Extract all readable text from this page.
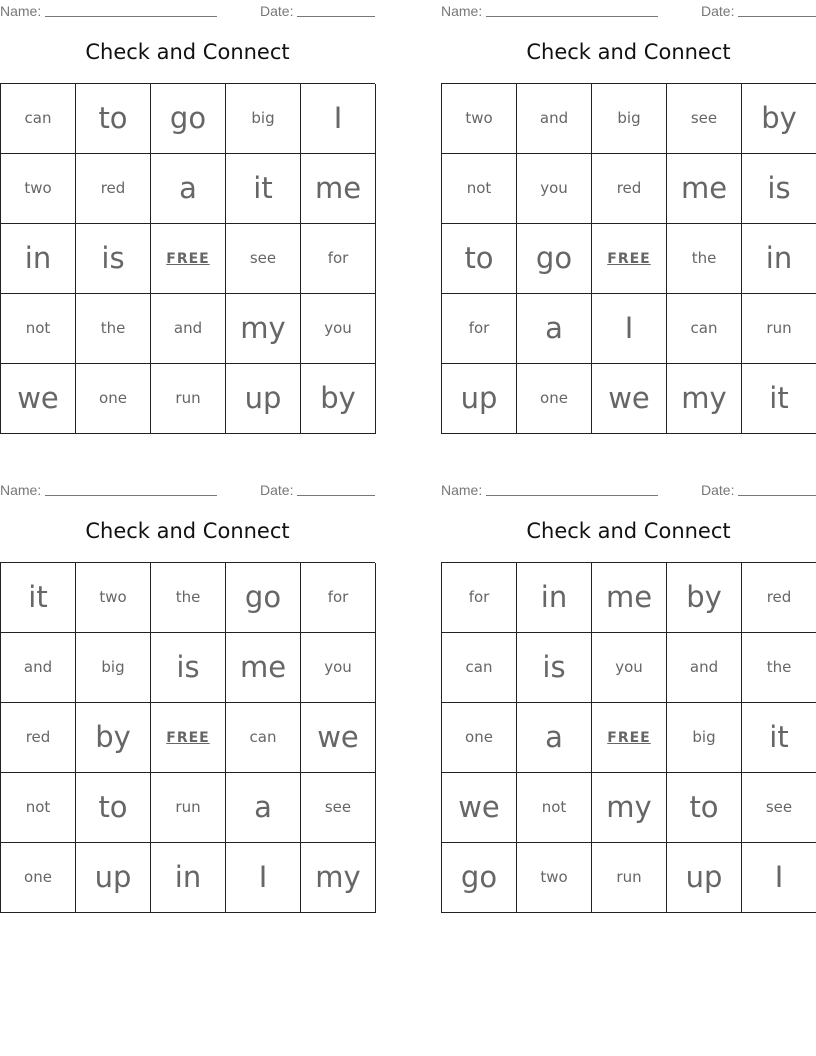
Name:	Date:
Check and Connect
can	to	go	big	I
two	red	a	it	me
in	is	FREE	see	for
not	the	and	my	you
we	one	run	up	by
Name:	Date:
Check and Connect
two	and	big	see	by
not	you	red	me	is
to	go	FREE	the	in
for	a	I	can	run
up	one	we	my	it
Name:	Date:
Check and Connect
it	two	the	go	for
and	big	is	me	you
red	by	FREE	can	we
not	to	run	a	see
one	up	in	I	my
Name:	Date:
Check and Connect
for	in	me	by	red
can	is	you	and	the
one	a	FREE	big	it
we	not	my	to	see
go	two	run	up	I
